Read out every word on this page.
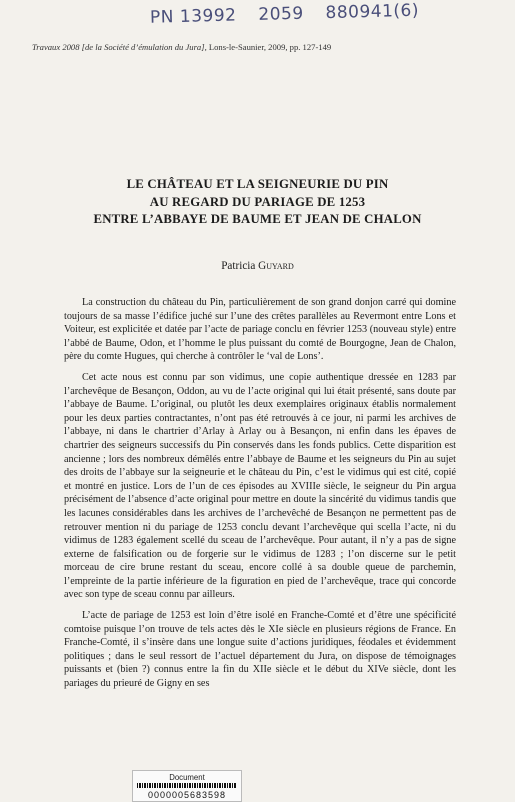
PN 13992 2059 880941(6)
Travaux 2008 [de la Société d’émulation du Jura], Lons-le-Saunier, 2009, pp. 127-149
LE CHÂTEAU ET LA SEIGNEURIE DU PIN
AU REGARD DU PARIAGE DE 1253
ENTRE L’ABBAYE DE BAUME ET JEAN DE CHALON
Patricia Guyard

La construction du château du Pin, particulièrement de son grand donjon carré qui domine toujours de sa masse l’édifice juché sur l’une des crêtes parallèles au Revermont entre Lons et Voiteur, est explicitée et datée par l’acte de pariage conclu en février 1253 (nouveau style) entre l’abbé de Baume, Odon, et l’homme le plus puissant du comté de Bourgogne, Jean de Chalon, père du comte Hugues, qui cherche à contrôler le ‘val de Lons’.

Cet acte nous est connu par son vidimus, une copie authentique dressée en 1283 par l’archevêque de Besançon, Oddon, au vu de l’acte original qui lui était présenté, sans doute par l’abbaye de Baume. L’original, ou plutôt les deux exemplaires originaux établis normalement pour les deux parties contractantes, n’ont pas été retrouvés à ce jour, ni parmi les archives de l’abbaye, ni dans le chartrier d’Arlay à Arlay ou à Besançon, ni enfin dans les épaves de chartrier des seigneurs successifs du Pin conservés dans les fonds publics. Cette disparition est ancienne ; lors des nombreux démêlés entre l’abbaye de Baume et les seigneurs du Pin au sujet des droits de l’abbaye sur la seigneurie et le château du Pin, c’est le vidimus qui est cité, copié et montré en justice. Lors de l’un de ces épisodes au XVIIIe siècle, le seigneur du Pin argua précisément de l’absence d’acte original pour mettre en doute la sincérité du vidimus tandis que les lacunes considérables dans les archives de l’archevêché de Besançon ne permettent pas de retrouver mention ni du pariage de 1253 conclu devant l’archevêque qui scella l’acte, ni du vidimus de 1283 également scellé du sceau de l’archevêque. Pour autant, il n’y a pas de signe externe de falsification ou de forgerie sur le vidimus de 1283 ; l’on discerne sur le petit morceau de cire brune restant du sceau, encore collé à sa double queue de parchemin, l’empreinte de la partie inférieure de la figuration en pied de l’archevêque, trace qui concorde avec son type de sceau connu par ailleurs.

L’acte de pariage de 1253 est loin d’être isolé en Franche-Comté et d’être une spécificité comtoise puisque l’on trouve de tels actes dès le XIe siècle en plusieurs régions de France. En Franche-Comté, il s’insère dans une longue suite d’actions juridiques, féodales et évidemment politiques ; dans le seul ressort de l’actuel département du Jura, on dispose de témoignages puissants et (bien ?) connus entre la fin du XIIe siècle et le début du XIVe siècle, dont les pariages du prieuré de Gigny en ses

Document
0000005683598
